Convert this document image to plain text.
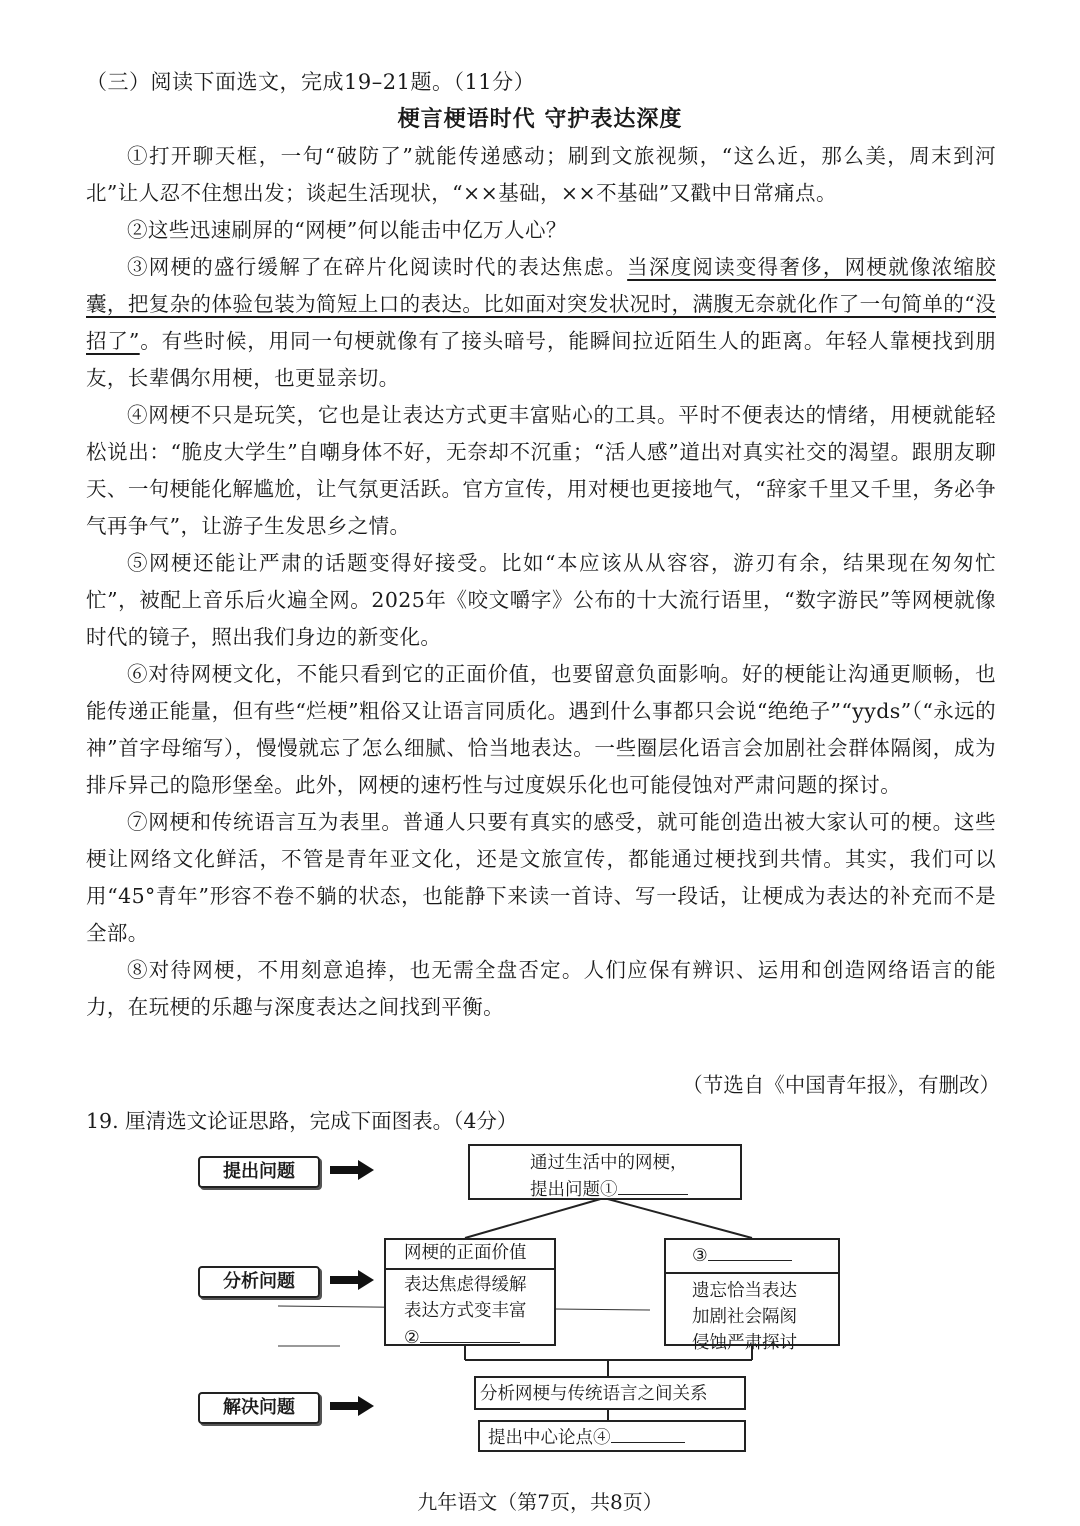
（三）阅读下面选文，完成19–21题。（11分）
梗言梗语时代 守护表达深度

①打开聊天框，一句“破防了”就能传递感动；刷到文旅视频，“这么近，那么美，周末到河北”让人忍不住想出发；谈起生活现状，“××基础，××不基础”又戳中日常痛点。

②这些迅速刷屏的“网梗”何以能击中亿万人心？

③网梗的盛行缓解了在碎片化阅读时代的表达焦虑。当深度阅读变得奢侈，网梗就像浓缩胶囊，把复杂的体验包装为简短上口的表达。比如面对突发状况时，满腹无奈就化作了一句简单的“没招了”。有些时候，用同一句梗就像有了接头暗号，能瞬间拉近陌生人的距离。年轻人靠梗找到朋友，长辈偶尔用梗，也更显亲切。

④网梗不只是玩笑，它也是让表达方式更丰富贴心的工具。平时不便表达的情绪，用梗就能轻松说出：“脆皮大学生”自嘲身体不好，无奈却不沉重；“活人感”道出对真实社交的渴望。跟朋友聊天、一句梗能化解尴尬，让气氛更活跃。官方宣传，用对梗也更接地气，“辞家千里又千里，务必争气再争气”，让游子生发思乡之情。

⑤网梗还能让严肃的话题变得好接受。比如“本应该从从容容，游刃有余，结果现在匆匆忙忙”，被配上音乐后火遍全网。2025年《咬文嚼字》公布的十大流行语里，“数字游民”等网梗就像时代的镜子，照出我们身边的新变化。

⑥对待网梗文化，不能只看到它的正面价值，也要留意负面影响。好的梗能让沟通更顺畅，也能传递正能量，但有些“烂梗”粗俗又让语言同质化。遇到什么事都只会说“绝绝子”“yyds”（“永远的神”首字母缩写），慢慢就忘了怎么细腻、恰当地表达。一些圈层化语言会加剧社会群体隔阂，成为排斥异己的隐形堡垒。此外，网梗的速朽性与过度娱乐化也可能侵蚀对严肃问题的探讨。

⑦网梗和传统语言互为表里。普通人只要有真实的感受，就可能创造出被大家认可的梗。这些梗让网络文化鲜活，不管是青年亚文化，还是文旅宣传，都能通过梗找到共情。其实，我们可以用“45°青年”形容不卷不躺的状态，也能静下来读一首诗、写一段话，让梗成为表达的补充而不是全部。

⑧对待网梗，不用刻意追捧，也无需全盘否定。人们应保有辨识、运用和创造网络语言的能力，在玩梗的乐趣与深度表达之间找到平衡。

（节选自《中国青年报》，有删改）
19. 厘清选文论证思路，完成下面图表。（4分）
提出问题
分析问题
解决问题
通过生活中的网梗，
提出问题①
网梗的正面价值
表达焦虑得缓解
表达方式变丰富
②
③
遗忘恰当表达
加剧社会隔阂
侵蚀严肃探讨
分析网梗与传统语言之间关系
提出中心论点④
九年语文（第7页，共8页）
